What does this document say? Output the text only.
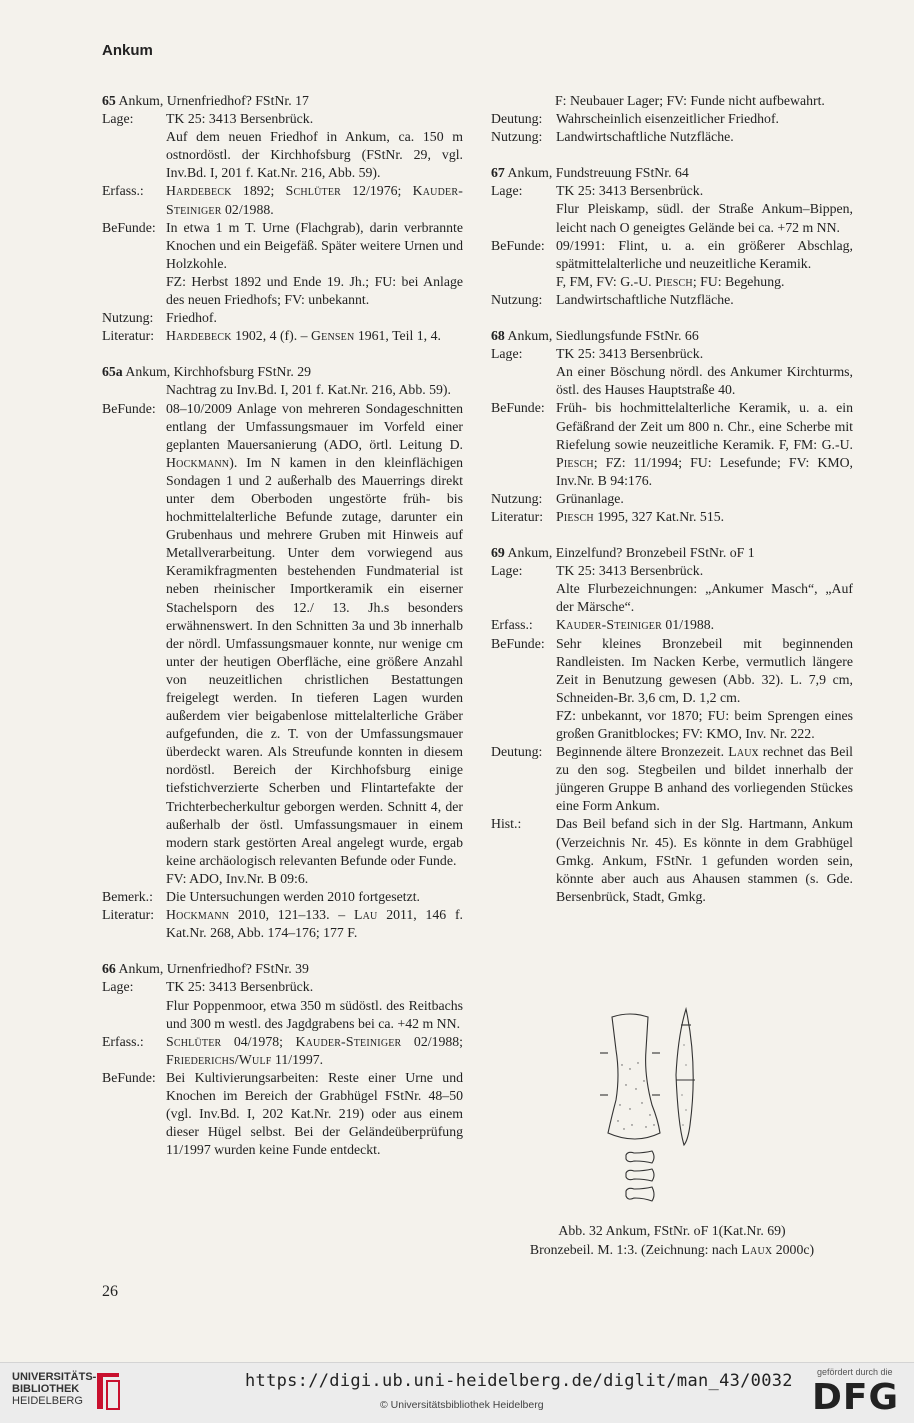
Ankum
65 Ankum, Urnenfriedhof? FStNr. 17
Lage:	TK 25: 3413 Bersenbrück.

Auf dem neuen Friedhof in Ankum, ca. 150 m ostnordöstl. der Kirchhofsburg (FStNr. 29, vgl. Inv.Bd. I, 201 f. Kat.Nr. 216, Abb. 59).

Erfass.:	Hardebeck 1892; Schlüter 12/1976; Kauder-Steiniger 02/1988.

BeFunde: In etwa 1 m T. Urne (Flachgrab), darin verbrannte Knochen und ein Beigefäß. Später weitere Urnen und Holzkohle.

FZ: Herbst 1892 und Ende 19. Jh.; FU: bei Anlage des neuen Friedhofs; FV: unbekannt.

Nutzung: Friedhof.

Literatur: Hardebeck 1902, 4 (f). – Gensen 1961, Teil 1, 4.

65a Ankum, Kirchhofsburg FStNr. 29
Nachtrag zu Inv.Bd. I, 201 f. Kat.Nr. 216, Abb. 59).
BeFunde: 08–10/2009 Anlage von mehreren Sondageschnitten entlang der Umfassungsmauer im Vorfeld einer geplanten Mauersanierung (ADO, örtl. Leitung D. Hockmann). Im N kamen in den kleinflächigen Sondagen 1 und 2 außerhalb des Mauerrings direkt unter dem Oberboden ungestörte früh- bis hochmittelalterliche Befunde zutage, darunter ein Grubenhaus und mehrere Gruben mit Hinweis auf Metallverarbeitung. Unter dem vorwiegend aus Keramikfragmenten bestehenden Fundmaterial ist neben rheinischer Importkeramik ein eiserner Stachelsporn des 12./ 13. Jh.s besonders erwähnenswert. In den Schnitten 3a und 3b innerhalb der nördl. Umfassungsmauer konnte, nur wenige cm unter der heutigen Oberfläche, eine größere Anzahl von neuzeitlichen christlichen Bestattungen freigelegt werden. In tieferen Lagen wurden außerdem vier beigabenlose mittelalterliche Gräber aufgefunden, die z. T. von der Umfassungsmauer überdeckt waren. Als Streufunde konnten in diesem nordöstl. Bereich der Kirchhofsburg einige tiefstichverzierte Scherben und Flintartefakte der Trichterbecherkultur geborgen werden. Schnitt 4, der außerhalb der östl. Umfassungsmauer in einem modern stark gestörten Areal angelegt wurde, ergab keine archäologisch relevanten Befunde oder Funde.

FV: ADO, Inv.Nr. B 09:6.

Bemerk.: Die Untersuchungen werden 2010 fortgesetzt.

Literatur: Hockmann 2010, 121–133. – Lau 2011, 146 f. Kat.Nr. 268, Abb. 174–176; 177 F.

66 Ankum, Urnenfriedhof? FStNr. 39
Lage:	TK 25: 3413 Bersenbrück.

Flur Poppenmoor, etwa 350 m südöstl. des Reitbachs und 300 m westl. des Jagdgrabens bei ca. +42 m NN.

Erfass.:	Schlüter 04/1978; Kauder-Steiniger 02/1988; Friederichs/Wulf 11/1997.

BeFunde: Bei Kultivierungsarbeiten: Reste einer Urne und Knochen im Bereich der Grabhügel FStNr. 48–50 (vgl. Inv.Bd. I, 202 Kat.Nr. 219) oder aus einem dieser Hügel selbst. Bei der Geländeüberprüfung 11/1997 wurden keine Funde entdeckt.

F: Neubauer Lager; FV: Funde nicht aufbewahrt.
Deutung: Wahrscheinlich eisenzeitlicher Friedhof.

Nutzung: Landwirtschaftliche Nutzfläche.

67 Ankum, Fundstreuung FStNr. 64
Lage:	TK 25: 3413 Bersenbrück.

Flur Pleiskamp, südl. der Straße Ankum–Bippen, leicht nach O geneigtes Gelände bei ca. +72 m NN.

BeFunde: 09/1991: Flint, u. a. ein größerer Abschlag, spätmittelalterliche und neuzeitliche Keramik.

F, FM, FV: G.-U. Piesch; FU: Begehung.

Nutzung: Landwirtschaftliche Nutzfläche.

68 Ankum, Siedlungsfunde FStNr. 66
Lage:	TK 25: 3413 Bersenbrück.

An einer Böschung nördl. des Ankumer Kirchturms, östl. des Hauses Hauptstraße 40.

BeFunde: Früh- bis hochmittelalterliche Keramik, u. a. ein Gefäßrand der Zeit um 800 n. Chr., eine Scherbe mit Riefelung sowie neuzeitliche Keramik. F, FM: G.-U. Piesch; FZ: 11/1994; FU: Lesefunde; FV: KMO, Inv.Nr. B 94:176.

Nutzung: Grünanlage.

Literatur: Piesch 1995, 327 Kat.Nr. 515.

69 Ankum, Einzelfund? Bronzebeil FStNr. oF 1
Lage:	TK 25: 3413 Bersenbrück.

Alte Flurbezeichnungen: „Ankumer Masch“, „Auf der Märsche“.

Erfass.:	Kauder-Steiniger 01/1988.

BeFunde: Sehr kleines Bronzebeil mit beginnenden Randleisten. Im Nacken Kerbe, vermutlich längere Zeit in Benutzung gewesen (Abb. 32). L. 7,9 cm, Schneiden-Br. 3,6 cm, D. 1,2 cm.

FZ: unbekannt, vor 1870; FU: beim Sprengen eines großen Granitblockes; FV: KMO, Inv. Nr. 222.

Deutung: Beginnende ältere Bronzezeit. Laux rechnet das Beil zu den sog. Stegbeilen und bildet innerhalb der jüngeren Gruppe B anhand des vorliegenden Stückes eine Form Ankum.

Hist.:	Das Beil befand sich in der Slg. Hartmann, Ankum (Verzeichnis Nr. 45). Es könnte in dem Grabhügel Gmkg. Ankum, FStNr. 1 gefunden worden sein, könnte aber auch aus Ahausen stammen (s. Gde. Bersenbrück, Stadt, Gmkg.

Abb. 32 Ankum, FStNr. oF 1(Kat.Nr. 69)
Bronzebeil. M. 1:3. (Zeichnung: nach Laux 2000c)
26
UNIVERSITÄTS-
BIBLIOTHEK
HEIDELBERG
https://digi.ub.uni-heidelberg.de/diglit/man_43/0032
© Universitätsbibliothek Heidelberg
gefördert durch die
DFG
